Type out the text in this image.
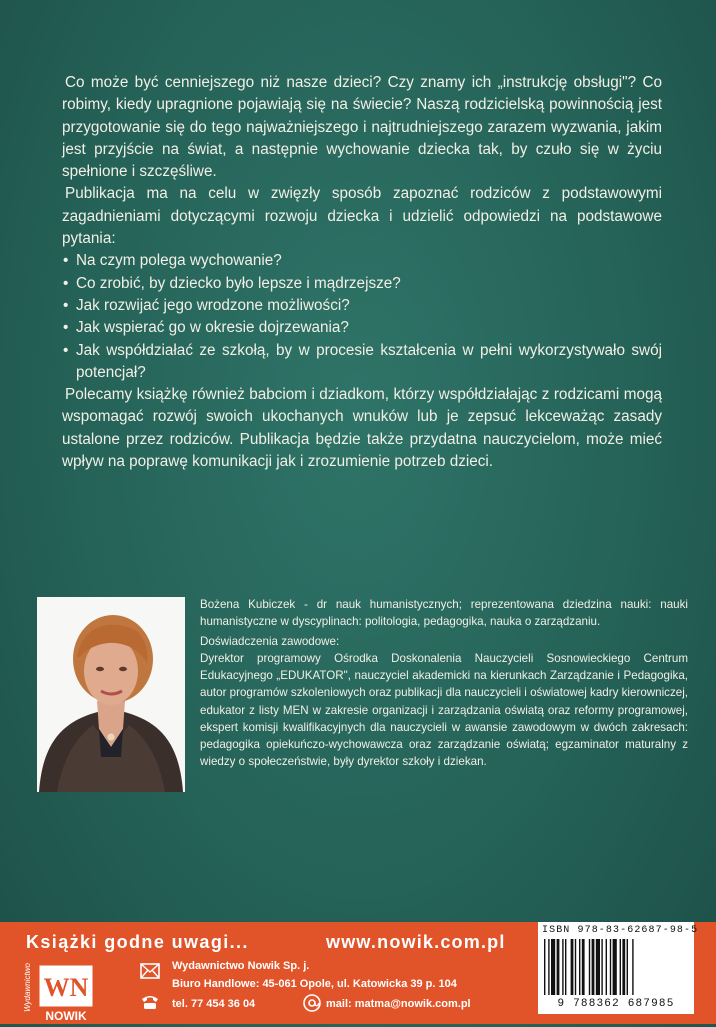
Co może być cenniejszego niż nasze dzieci? Czy znamy ich „instrukcję obsługi"? Co robimy, kiedy upragnione pojawiają się na świecie? Naszą rodzicielską powinnością jest przygotowanie się do tego najważniejszego i najtrudniejszego zarazem wyzwania, jakim jest przyjście na świat, a następnie wychowanie dziecka tak, by czuło się w życiu spełnione i szczęśliwe.

Publikacja ma na celu w zwięzły sposób zapoznać rodziców z podstawowymi zagadnieniami dotyczącymi rozwoju dziecka i udzielić odpowiedzi na podstawowe pytania:

• Na czym polega wychowanie?
• Co zrobić, by dziecko było lepsze i mądrzejsze?
• Jak rozwijać jego wrodzone możliwości?
• Jak wspierać go w okresie dojrzewania?
• Jak współdziałać ze szkołą, by w procesie kształcenia w pełni wykorzystywało swój potencjał?

Polecamy książkę również babciom i dziadkom, którzy współdziałając z rodzicami mogą wspomagać rozwój swoich ukochanych wnuków lub je zepsuć lekceważąc zasady ustalone przez rodziców. Publikacja będzie także przydatna nauczycielom, może mieć wpływ na poprawę komunikacji jak i zrozumienie potrzeb dzieci.

Bożena Kubiczek - dr nauk humanistycznych; reprezentowana dziedzina nauki: nauki humanistyczne w dyscyplinach: politologia, pedagogika, nauka o zarządzaniu.

Doświadczenia zawodowe:

Dyrektor programowy Ośrodka Doskonalenia Nauczycieli Sosnowieckiego Centrum Edukacyjnego „EDUKATOR", nauczyciel akademicki na kierunkach Zarządzanie i Pedagogika, autor programów szkoleniowych oraz publikacji dla nauczycieli i oświatowej kadry kierowniczej, edukator z listy MEN w zakresie organizacji i zarządzania oświatą oraz reformy programowej, ekspert komisji kwalifikacyjnych dla nauczycieli w awansie zawodowym w dwóch zakresach: pedagogika opiekuńczo-wychowawcza oraz zarządzanie oświatą; egzaminator maturalny z wiedzy o społeczeństwie, były dyrektor szkoły i dziekan.

Książki godne uwagi...	www.nowik.com.pl
WN
Wydawnictwo
NOWIK
Wydawnictwo Nowik Sp. j.
Biuro Handlowe: 45-061 Opole, ul. Katowicka 39 p. 104
tel. 77 454 36 04	mail: matma@nowik.com.pl
ISBN 978-83-62687-98-5
9 788362 687985
